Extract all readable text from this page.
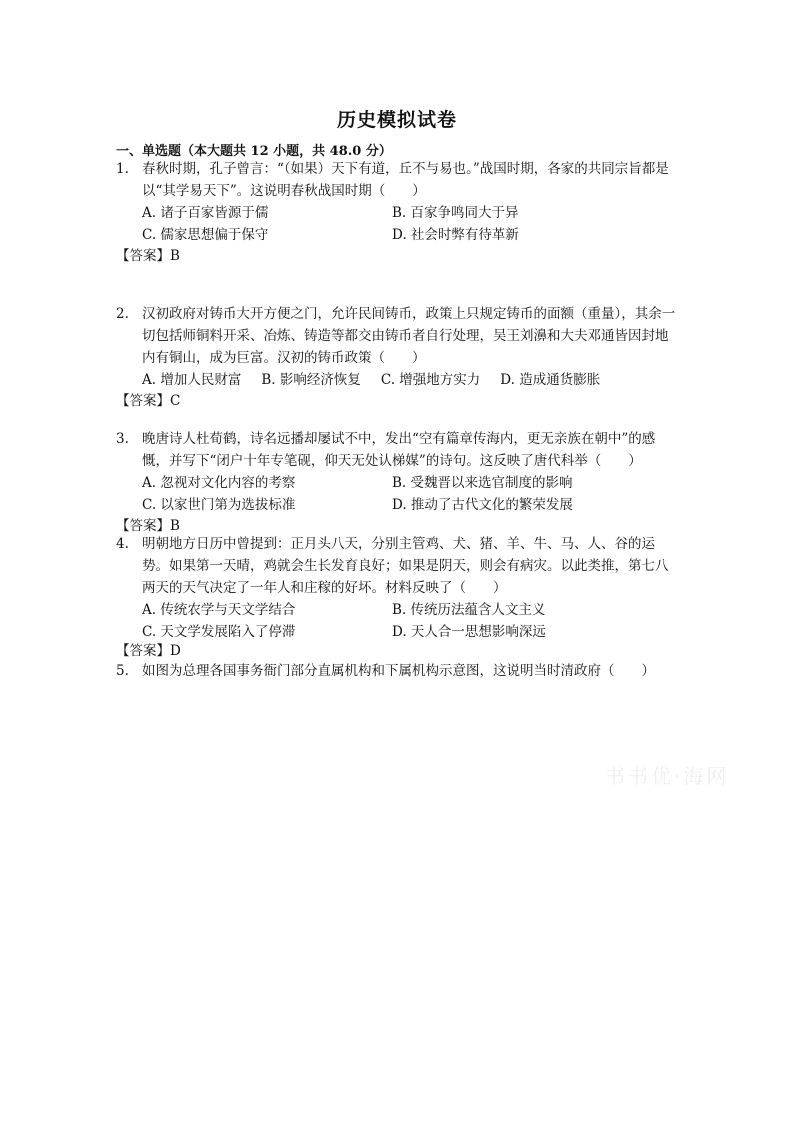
历史模拟试卷
一、单选题（本大题共 12 小题，共 48.0 分）
1. 春秋时期，孔子曾言：“（如果）天下有道，丘不与易也。”战国时期，各家的共同宗旨都是以“其学易天下”。这说明春秋战国时期（　　）
A. 诸子百家皆源于儒	B. 百家争鸣同大于异
C. 儒家思想偏于保守	D. 社会时弊有待革新
【答案】B
2. 汉初政府对铸币大开方便之门，允许民间铸币，政策上只规定铸币的面额（重量），其余一切包括师铜料开采、冶炼、铸造等都交由铸币者自行处理，吴王刘濞和大夫邓通皆因封地内有铜山，成为巨富。汉初的铸币政策（　　）
A. 增加人民财富 B. 影响经济恢复 C. 增强地方实力 D. 造成通货膨胀
【答案】C
3. 晚唐诗人杜荀鹤，诗名远播却屡试不中，发出“空有篇章传海内，更无亲族在朝中”的感慨，并写下“闭户十年专笔砚，仰天无处认梯媒”的诗句。这反映了唐代科举（　　）
A. 忽视对文化内容的考察	B. 受魏晋以来选官制度的影响
C. 以家世门第为选拔标准	D. 推动了古代文化的繁荣发展
【答案】B
4. 明朝地方日历中曾提到：正月头八天，分别主管鸡、犬、猪、羊、牛、马、人、谷的运势。如果第一天晴，鸡就会生长发育良好；如果是阴天，则会有病灾。以此类推，第七八两天的天气决定了一年人和庄稼的好坏。材料反映了（　　）
A. 传统农学与天文学结合	B. 传统历法蕴含人文主义
C. 天文学发展陷入了停滞	D. 天人合一思想影响深远
【答案】D
5. 如图为总理各国事务衙门部分直属机构和下属机构示意图，这说明当时清政府（　　）
书书优·海网
